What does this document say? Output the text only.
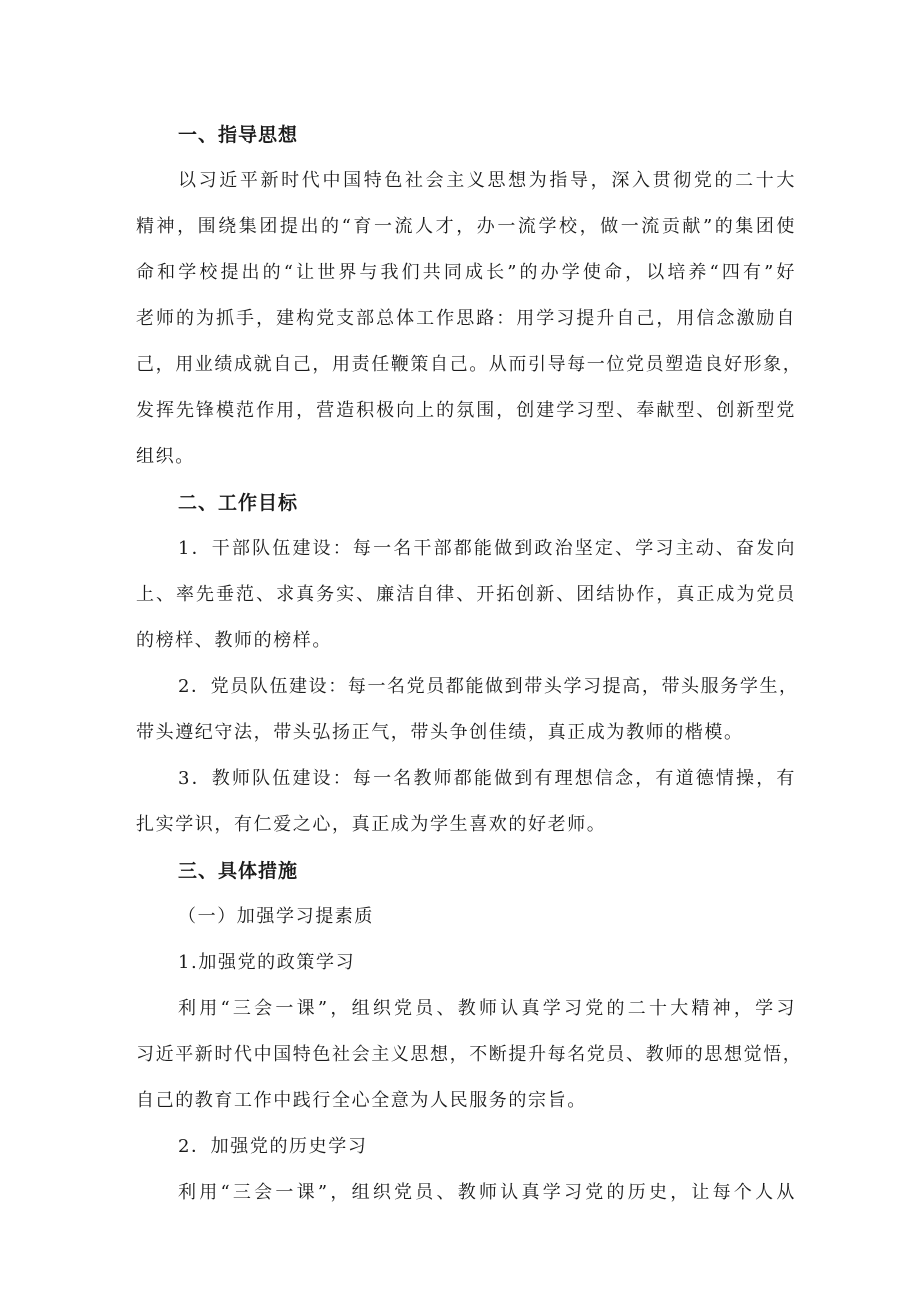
一、指导思想
以习近平新时代中国特色社会主义思想为指导，深入贯彻党的二十大
精神，围绕集团提出的“育一流人才，办一流学校，做一流贡献”的集团使
命和学校提出的“让世界与我们共同成长”的办学使命，以培养“四有”好
老师的为抓手，建构党支部总体工作思路：用学习提升自己，用信念激励自
己，用业绩成就自己，用责任鞭策自己。从而引导每一位党员塑造良好形象，
发挥先锋模范作用，营造积极向上的氛围，创建学习型、奉献型、创新型党
组织。
二、工作目标
1．干部队伍建设：每一名干部都能做到政治坚定、学习主动、奋发向
上、率先垂范、求真务实、廉洁自律、开拓创新、团结协作，真正成为党员
的榜样、教师的榜样。
2．党员队伍建设：每一名党员都能做到带头学习提高，带头服务学生，
带头遵纪守法，带头弘扬正气，带头争创佳绩，真正成为教师的楷模。
3．教师队伍建设：每一名教师都能做到有理想信念，有道德情操，有
扎实学识，有仁爱之心，真正成为学生喜欢的好老师。
三、具体措施
（一）加强学习提素质
1.加强党的政策学习
利用“三会一课”，组织党员、教师认真学习党的二十大精神，学习
习近平新时代中国特色社会主义思想，不断提升每名党员、教师的思想觉悟，
自己的教育工作中践行全心全意为人民服务的宗旨。
2．加强党的历史学习
利用“三会一课”，组织党员、教师认真学习党的历史，让每个人从
